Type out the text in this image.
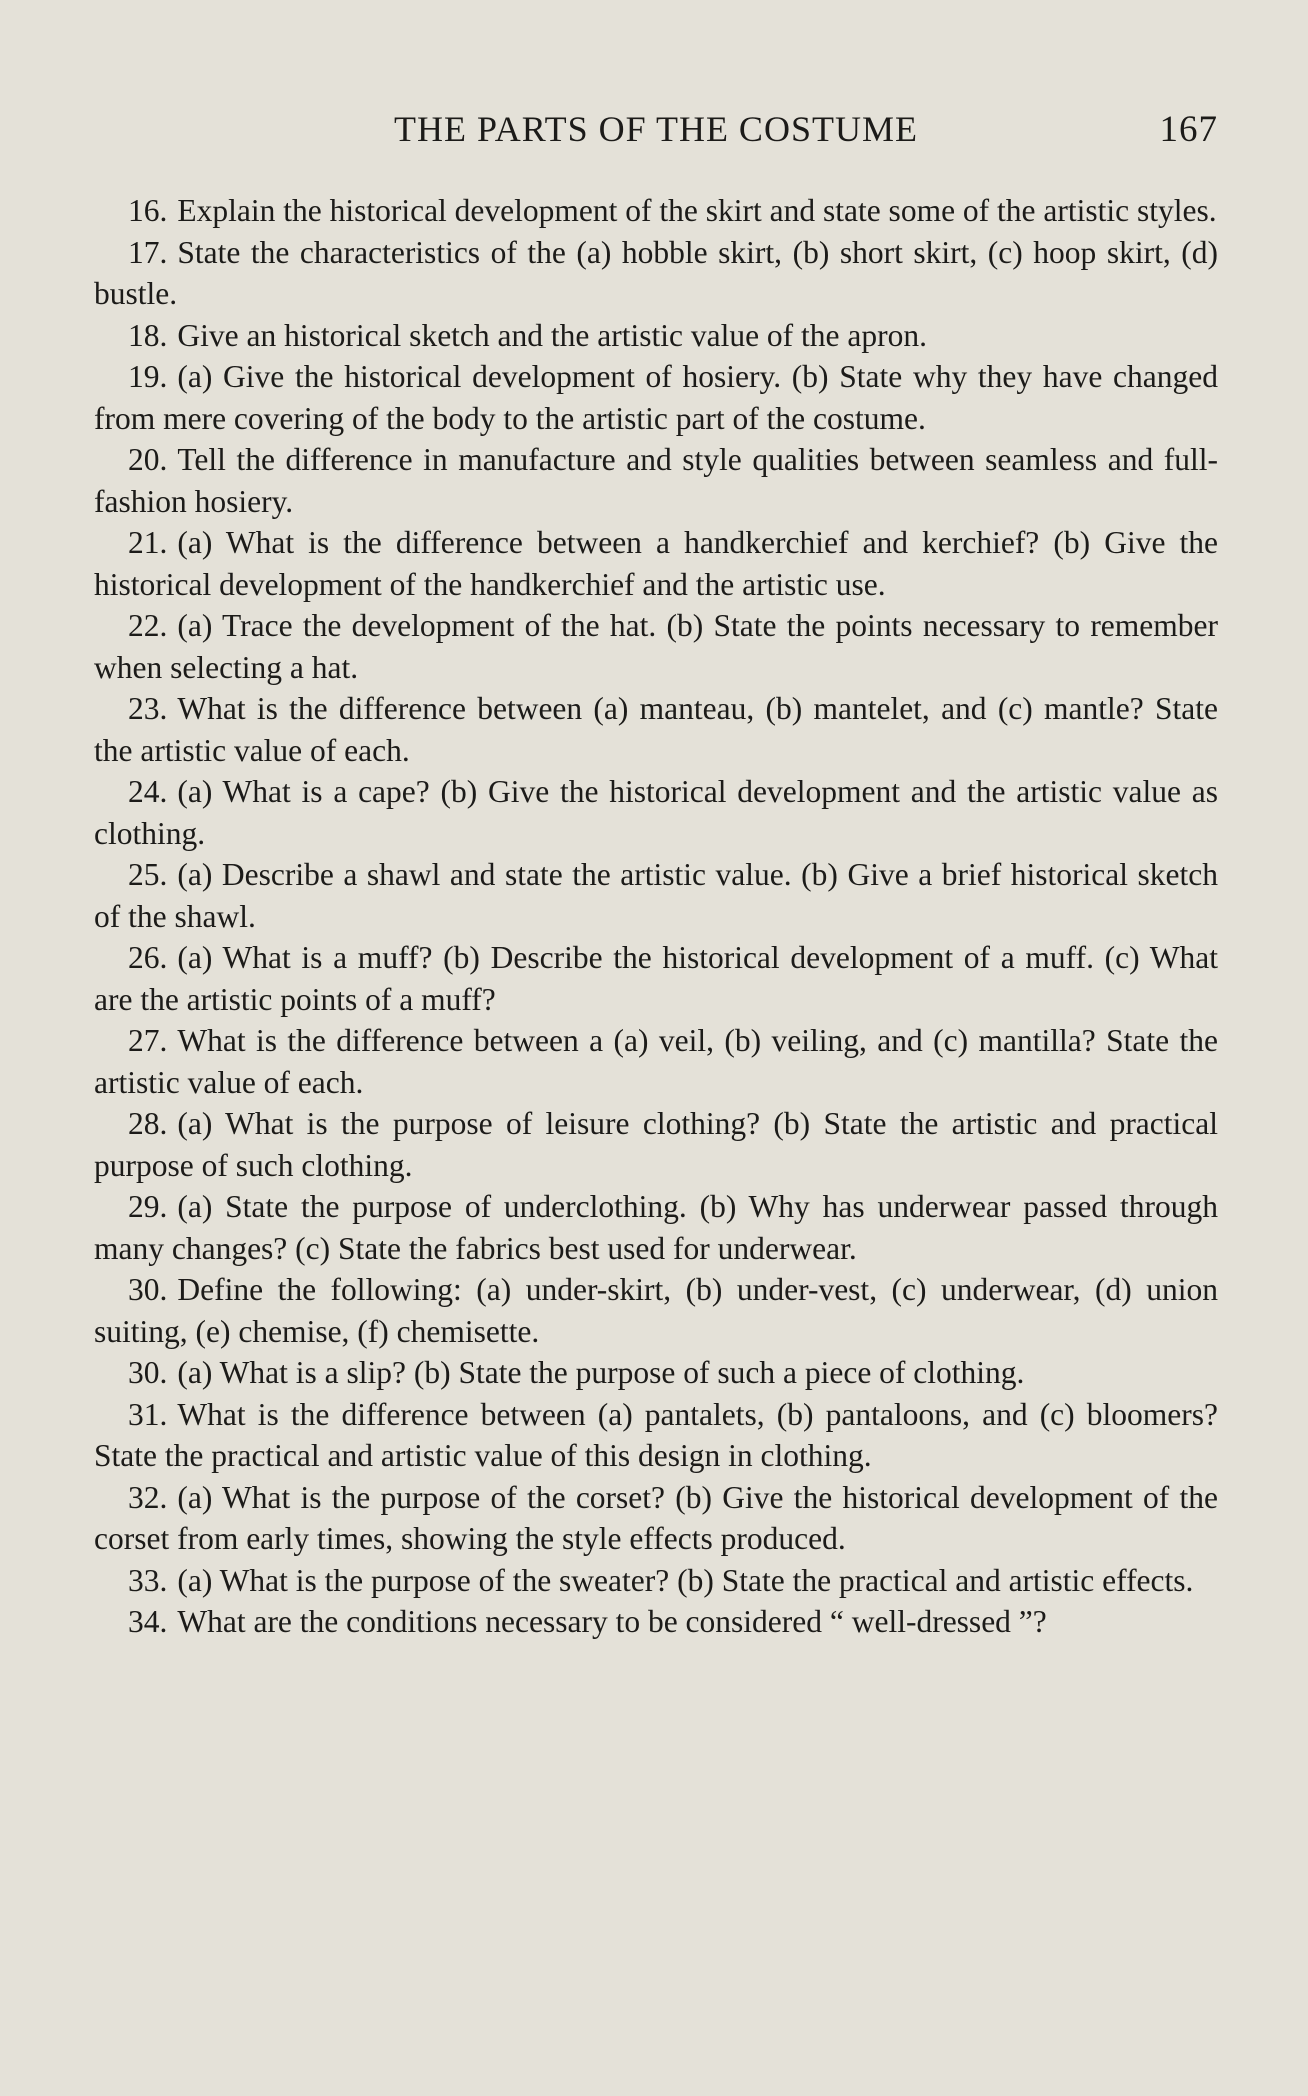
THE PARTS OF THE COSTUME	167

16. Explain the historical development of the skirt and state some of the artistic styles.

17. State the characteristics of the (a) hobble skirt, (b) short skirt, (c) hoop skirt, (d) bustle.

18. Give an historical sketch and the artistic value of the apron.

19. (a) Give the historical development of hosiery. (b) State why they have changed from mere covering of the body to the artistic part of the costume.

20. Tell the difference in manufacture and style qualities between seamless and full-fashion hosiery.

21. (a) What is the difference between a handkerchief and kerchief? (b) Give the historical development of the handkerchief and the artistic use.

22. (a) Trace the development of the hat. (b) State the points necessary to remember when selecting a hat.

23. What is the difference between (a) manteau, (b) mantelet, and (c) mantle? State the artistic value of each.

24. (a) What is a cape? (b) Give the historical development and the artistic value as clothing.

25. (a) Describe a shawl and state the artistic value. (b) Give a brief historical sketch of the shawl.

26. (a) What is a muff? (b) Describe the historical development of a muff. (c) What are the artistic points of a muff?

27. What is the difference between a (a) veil, (b) veiling, and (c) mantilla? State the artistic value of each.

28. (a) What is the purpose of leisure clothing? (b) State the artistic and practical purpose of such clothing.

29. (a) State the purpose of underclothing. (b) Why has underwear passed through many changes? (c) State the fabrics best used for underwear.

30. Define the following: (a) under-skirt, (b) under-vest, (c) underwear, (d) union suiting, (e) chemise, (f) chemisette.

30. (a) What is a slip? (b) State the purpose of such a piece of clothing.

31. What is the difference between (a) pantalets, (b) pantaloons, and (c) bloomers? State the practical and artistic value of this design in clothing.

32. (a) What is the purpose of the corset? (b) Give the historical development of the corset from early times, showing the style effects produced.

33. (a) What is the purpose of the sweater? (b) State the practical and artistic effects.

34. What are the conditions necessary to be considered “ well-dressed ”?
